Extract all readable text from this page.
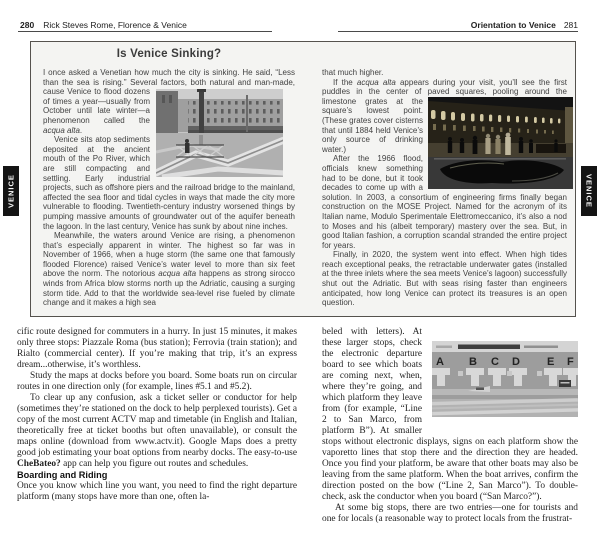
280 Rick Steves Rome, Florence & Venice	Orientation to Venice 281
VENICE	VENICE
Is Venice Sinking?

I once asked a Venetian how much the city is sinking. He said, “Less than the sea is rising.” Several factors, both natural and man-made, cause Venice to flood dozens of times a year—usually from October until late winter—a phenomenon called the acqua alta.

Venice sits atop sediments deposited at the ancient mouth of the Po River, which are still compacting and settling. Early industrial projects, such as offshore piers and the railroad bridge to the mainland, affected the sea floor and tidal cycles in ways that made the city more vulnerable to flooding. Twentieth-century industry worsened things by pumping massive amounts of groundwater out of the aquifer beneath the lagoon. In the last century, Venice has sunk by about nine inches.

Meanwhile, the waters around Venice are rising, a phenomenon that’s especially apparent in winter. The highest so far was in November of 1966, when a huge storm (the same one that famously flooded Florence) raised Venice’s water level to more than six feet above the norm. The notorious acqua alta happens as strong sirocco winds from Africa blow storms north up the Adriatic, causing a surging storm tide. Add to that the worldwide sea-level rise fueled by climate change and it makes a high sea

that much higher.

If the acqua alta appears during your visit, you’ll see the first puddles in the center of paved squares, pooling around the limestone grates at the square’s lowest point. (These grates cover cisterns that until 1884 held Venice’s only source of drinking water.)

After the 1966 flood, officials knew something had to be done, but it took decades to come up with a solution. In 2003, a consortium of engineering firms finally began construction on the MOSE Project. Named for the acronym of its Italian name, Modulo Sperimentale Elettromeccanico, it’s also a nod to Moses and his (albeit temporary) mastery over the sea. But, in good Italian fashion, a corruption scandal stranded the entire project for years.

Finally, in 2020, the system went into effect. When high tides reach exceptional peaks, the retractable underwater gates (installed at the three inlets where the sea meets Venice’s lagoon) successfully shut out the Adriatic. But with seas rising faster than engineers anticipated, how long Venice can protect its treasures is an open question.

cific route designed for commuters in a hurry. In just 15 minutes, it makes only three stops: Piazzale Roma (bus station); Ferrovia (train station); and Rialto (commercial center). If you’re making that trip, it’s an express dream...otherwise, it’s worthless.

Study the maps at docks before you board. Some boats run on circular routes in one direction only (for example, lines #5.1 and #5.2).

To clear up any confusion, ask a ticket seller or conductor for help (sometimes they’re stationed on the dock to help perplexed tourists). Get a copy of the most current ACTV map and timetable (in English and Italian, theoretically free at ticket booths but often unavailable), or consult the maps online (download from www.actv.it). Google Maps does a pretty good job estimating your boat options from nearby docks. The easy-to-use CheBateo? app can help you figure out routes and schedules.

Boarding and Riding

Once you know which line you want, you need to find the right departure platform (many stops have more than one, often la-

A B C D E F

beled with letters). At these larger stops, check the electronic departure board to see which boats are coming next, when, where they’re going, and which platform they leave from (for example, “Line 2 to San Marco, from platform B”). At smaller stops without electronic displays, signs on each platform show the vaporetto lines that stop there and the direction they are headed. Once you find your platform, be aware that other boats may also be leaving from the same platform. When the boat arrives, confirm the direction posted on the bow (“Line 2, San Marco”). To double-check, ask the conductor when you board (“San Marco?”).

At some big stops, there are two entries—one for tourists and one for locals (a reasonable way to protect locals from the frustrat-
